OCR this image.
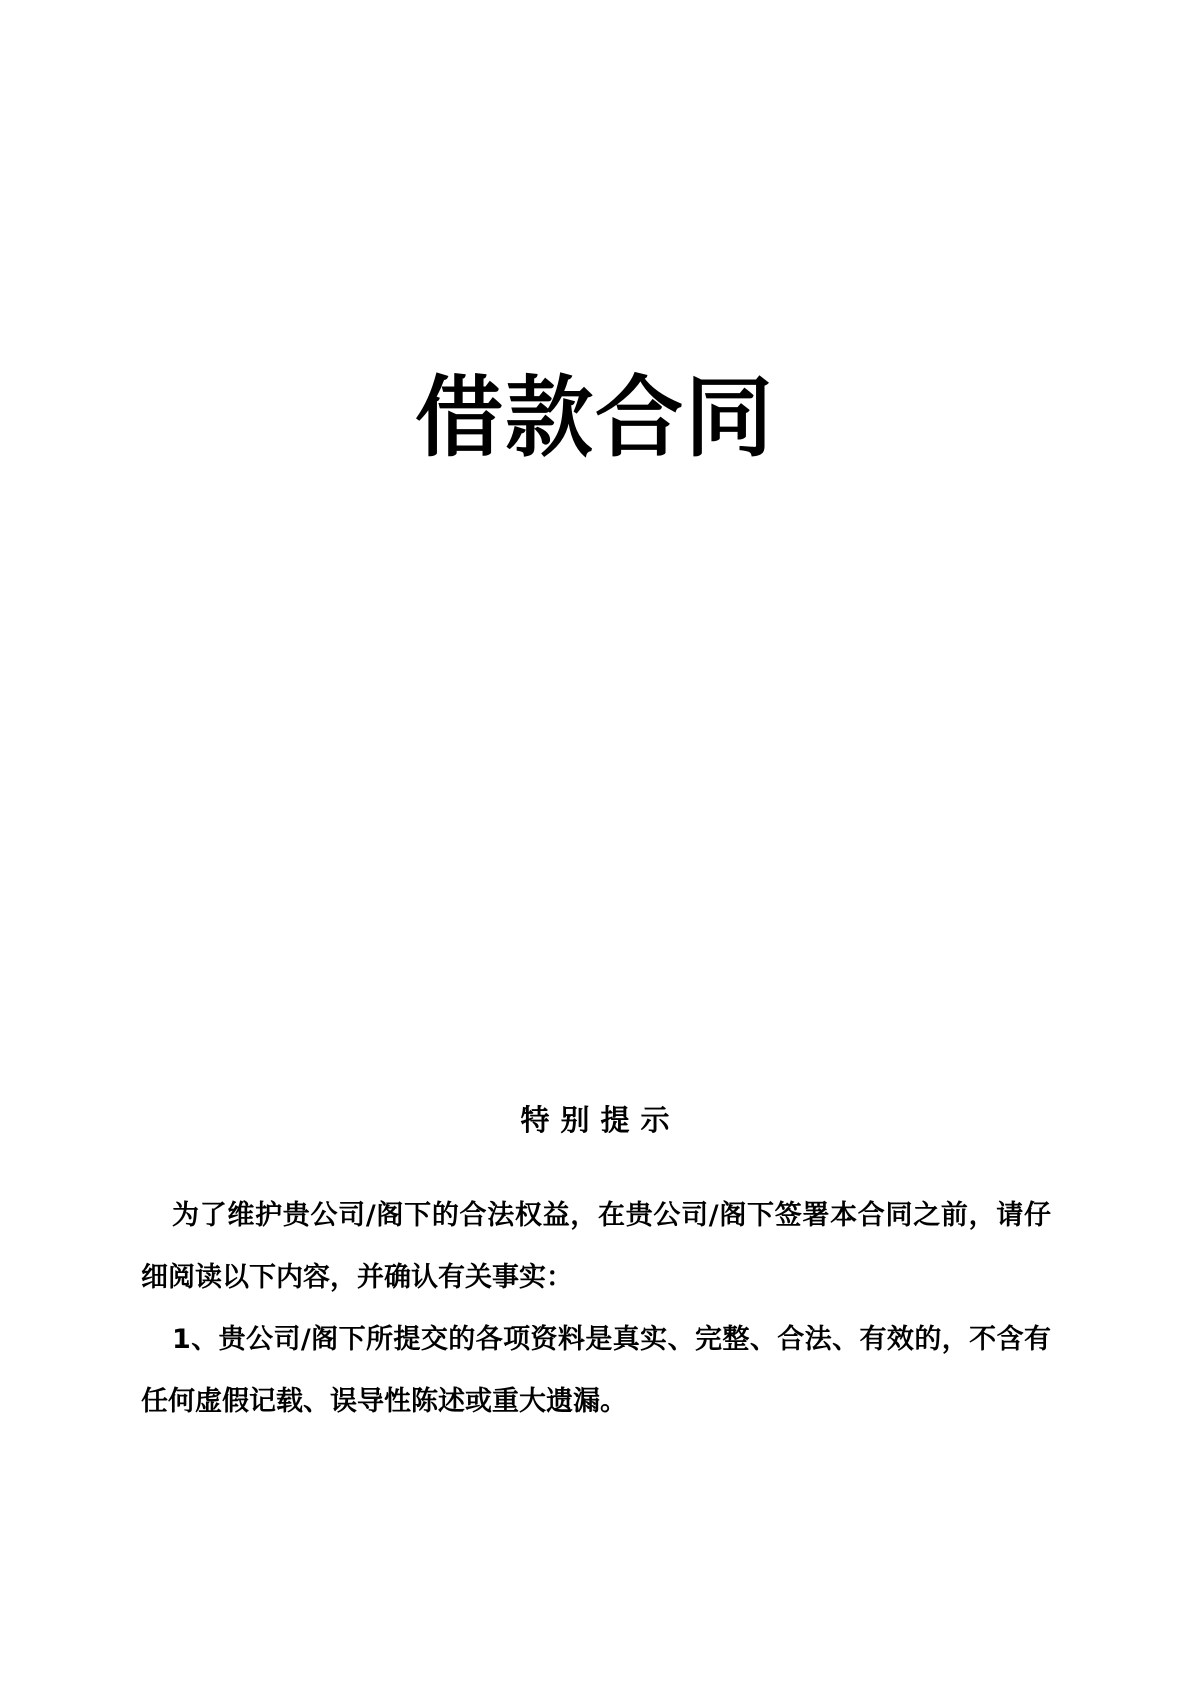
借款合同
特别提示

为了维护贵公司/阁下的合法权益，在贵公司/阁下签署本合同之前，请仔细阅读以下内容，并确认有关事实：

1、贵公司/阁下所提交的各项资料是真实、完整、合法、有效的，不含有任何虚假记载、误导性陈述或重大遗漏。
